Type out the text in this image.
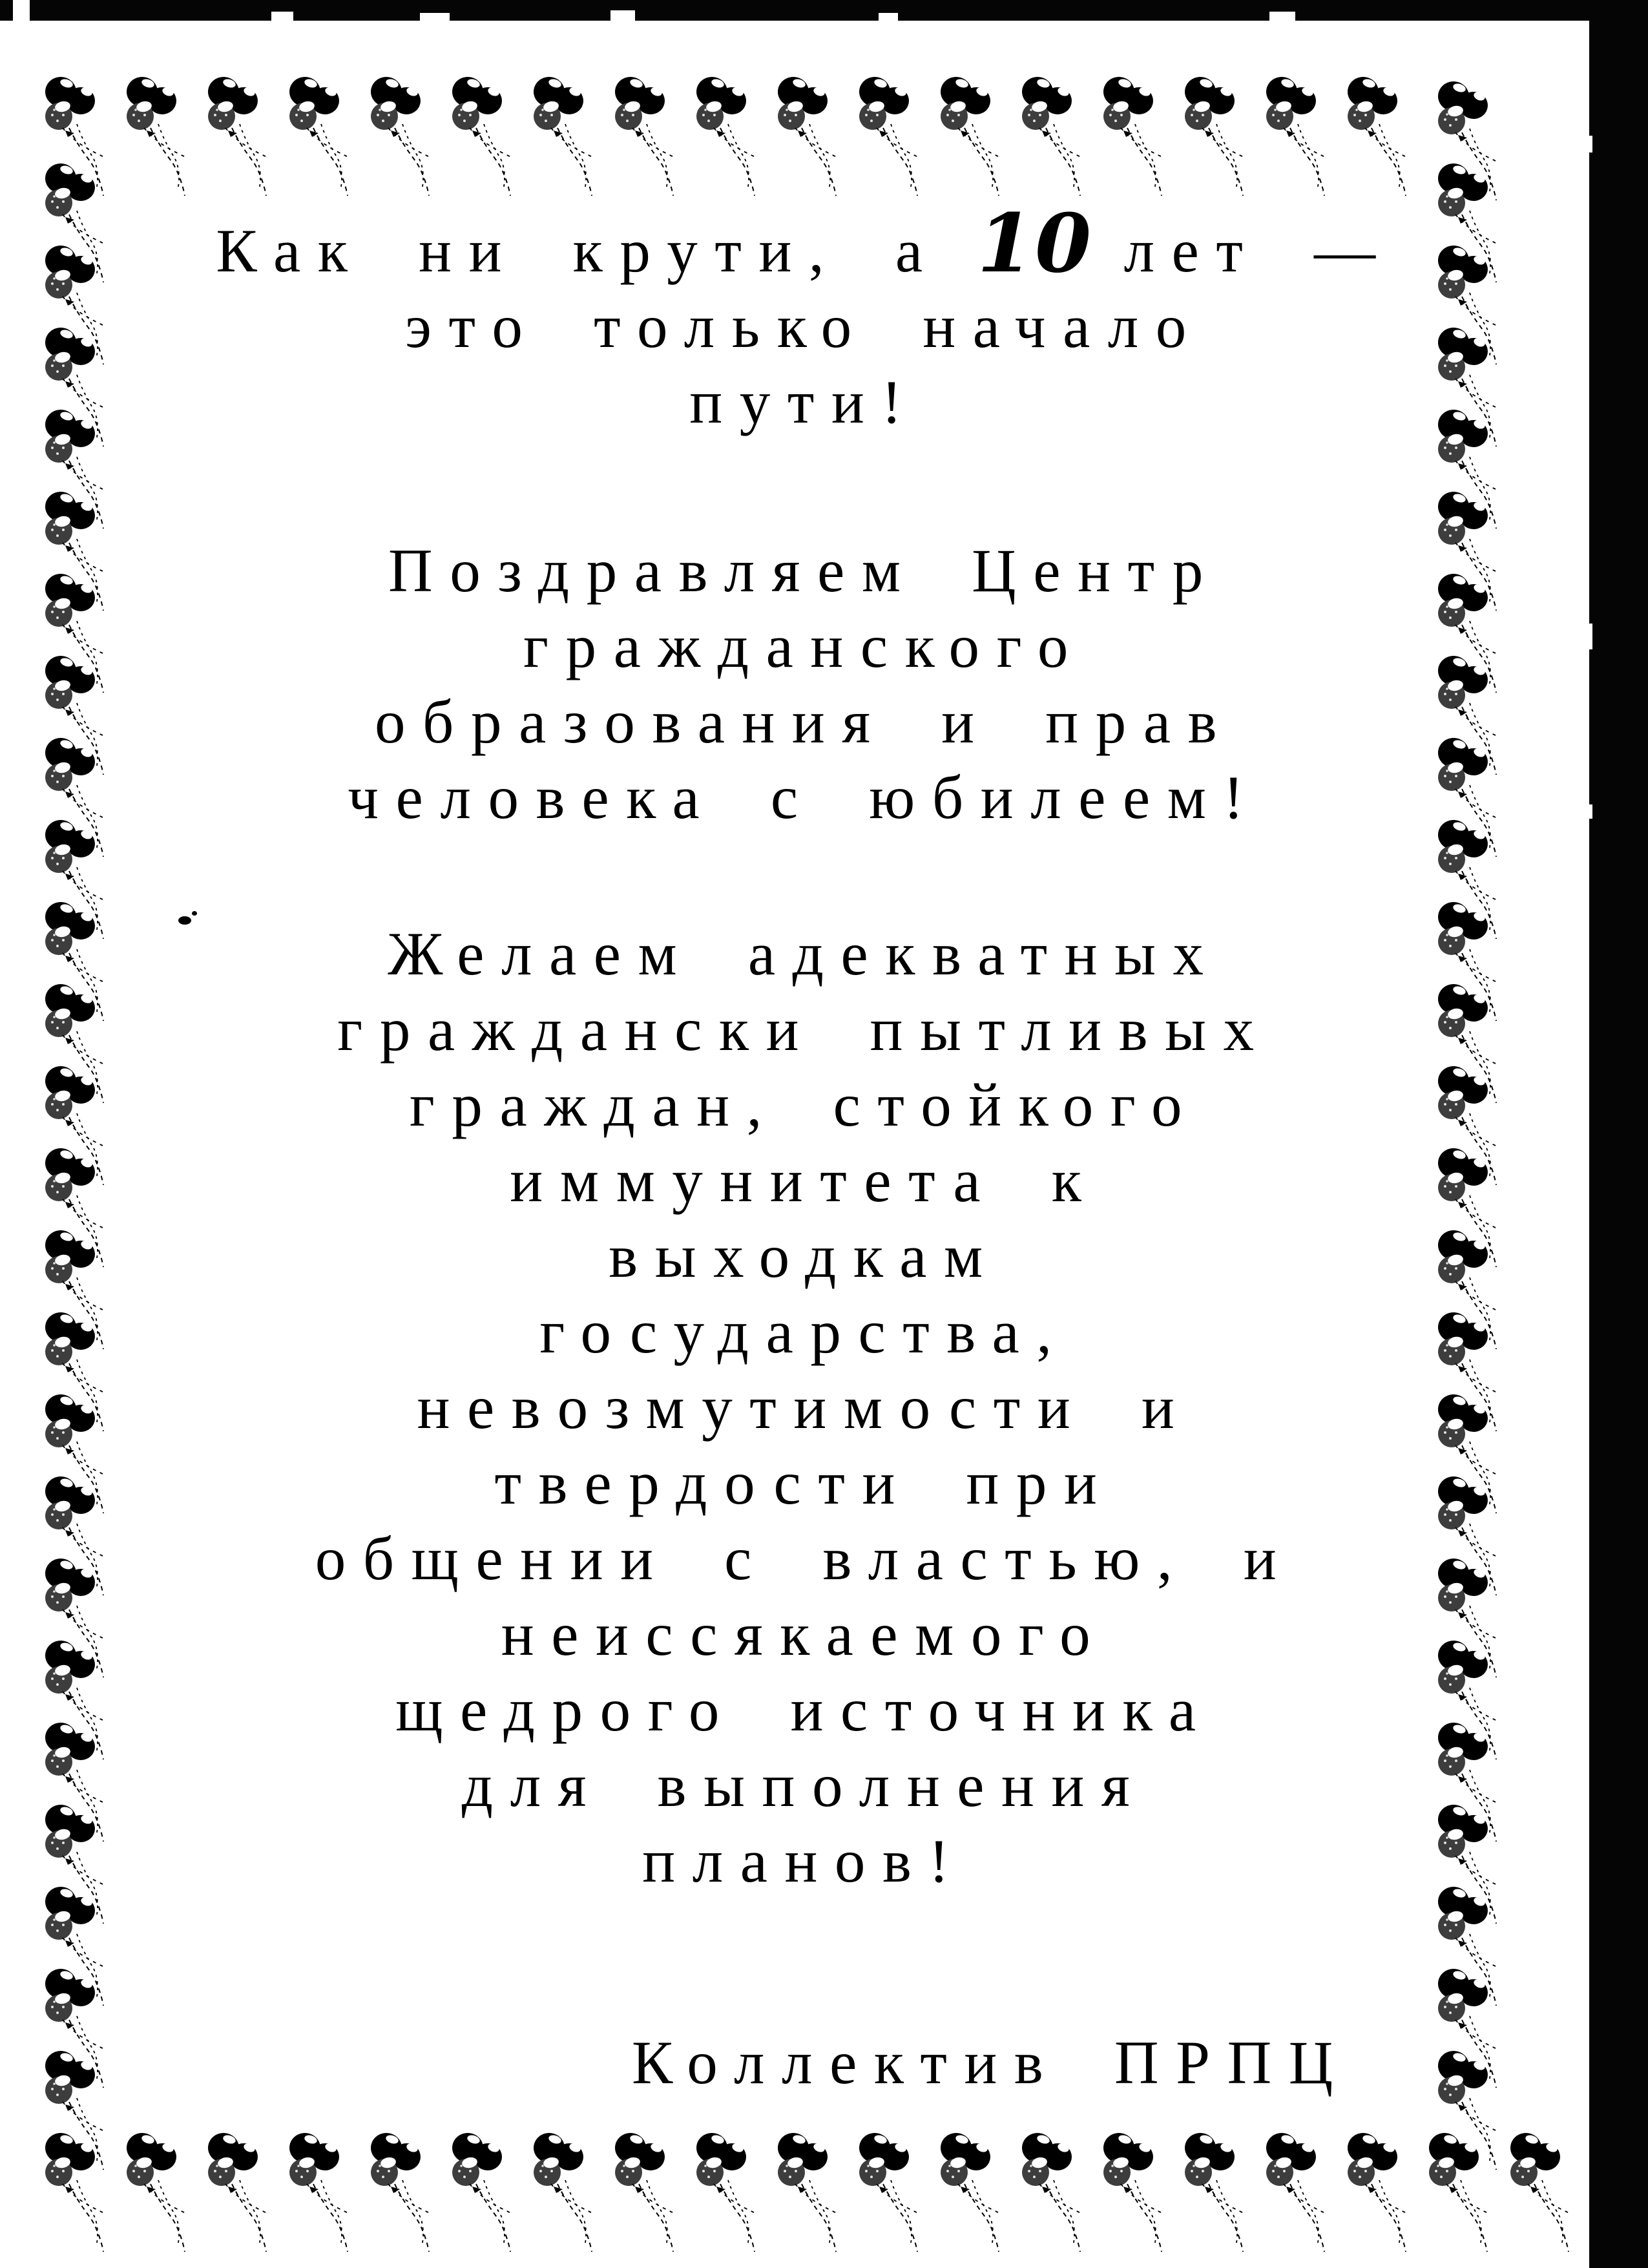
Как ни крути, а 10 лет —
это только начало
пути!
Поздравляем Центр
гражданского
образования и прав
человека с юбилеем!
Желаем адекватных
граждански пытливых
граждан, стойкого
иммунитета к
выходкам
государства,
невозмутимости и
твердости при
общении с властью, и
неиссякаемого
щедрого источника
для выполнения
планов!
Коллектив ПРПЦ
